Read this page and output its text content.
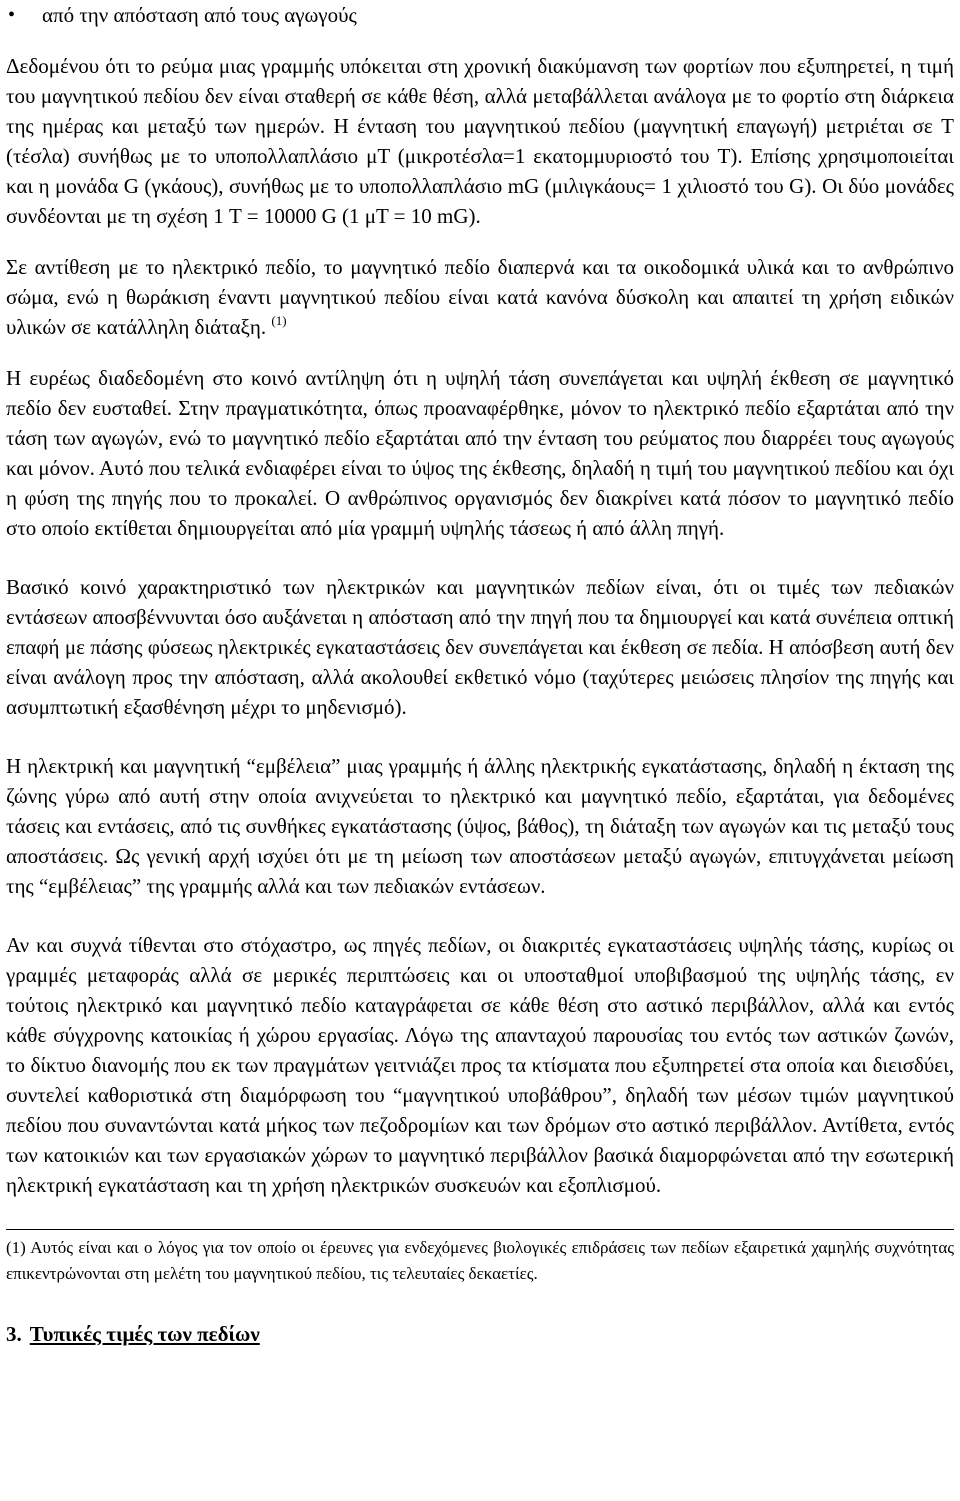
•	από την απόσταση από τους αγωγούς

Δεδομένου ότι το ρεύμα μιας γραμμής υπόκειται στη χρονική διακύμανση των φορτίων που εξυπηρετεί, η τιμή του μαγνητικού πεδίου δεν είναι σταθερή σε κάθε θέση, αλλά μεταβάλλεται ανάλογα με το φορτίο στη διάρκεια της ημέρας και μεταξύ των ημερών. Η ένταση του μαγνητικού πεδίου (μαγνητική επαγωγή) μετριέται σε T (τέσλα) συνήθως με το υποπολλαπλάσιο μT (μικροτέσλα=1 εκατομμυριοστό του T). Επίσης χρησιμοποιείται και η μονάδα G (γκάους), συνήθως με το υποπολλαπλάσιο mG (μιλιγκάους= 1 χιλιοστό του G). Οι δύο μονάδες συνδέονται με τη σχέση 1 T = 10000 G (1 μT = 10 mG).

Σε αντίθεση με το ηλεκτρικό πεδίο, το μαγνητικό πεδίο διαπερνά και τα οικοδομικά υλικά και το ανθρώπινο σώμα, ενώ η θωράκιση έναντι μαγνητικού πεδίου είναι κατά κανόνα δύσκολη και απαιτεί τη χρήση ειδικών υλικών σε κατάλληλη διάταξη. $^{(1)}$

Η ευρέως διαδεδομένη στο κοινό αντίληψη ότι η υψηλή τάση συνεπάγεται και υψηλή έκθεση σε μαγνητικό πεδίο δεν ευσταθεί. Στην πραγματικότητα, όπως προαναφέρθηκε, μόνον το ηλεκτρικό πεδίο εξαρτάται από την τάση των αγωγών, ενώ το μαγνητικό πεδίο εξαρτάται από την ένταση του ρεύματος που διαρρέει τους αγωγούς και μόνον. Αυτό που τελικά ενδιαφέρει είναι το ύψος της έκθεσης, δηλαδή η τιμή του μαγνητικού πεδίου και όχι η φύση της πηγής που το προκαλεί. Ο ανθρώπινος οργανισμός δεν διακρίνει κατά πόσον το μαγνητικό πεδίο στο οποίο εκτίθεται δημιουργείται από μία γραμμή υψηλής τάσεως ή από άλλη πηγή.

Βασικό κοινό χαρακτηριστικό των ηλεκτρικών και μαγνητικών πεδίων είναι, ότι οι τιμές των πεδιακών εντάσεων αποσβέννυνται όσο αυξάνεται η απόσταση από την πηγή που τα δημιουργεί και κατά συνέπεια οπτική επαφή με πάσης φύσεως ηλεκτρικές εγκαταστάσεις δεν συνεπάγεται και έκθεση σε πεδία. Η απόσβεση αυτή δεν είναι ανάλογη προς την απόσταση, αλλά ακολουθεί εκθετικό νόμο (ταχύτερες μειώσεις πλησίον της πηγής και ασυμπτωτική εξασθένηση μέχρι το μηδενισμό).

Η ηλεκτρική και μαγνητική “εμβέλεια” μιας γραμμής ή άλλης ηλεκτρικής εγκατάστασης, δηλαδή η έκταση της ζώνης γύρω από αυτή στην οποία ανιχνεύεται το ηλεκτρικό και μαγνητικό πεδίο, εξαρτάται, για δεδομένες τάσεις και εντάσεις, από τις συνθήκες εγκατάστασης (ύψος, βάθος), τη διάταξη των αγωγών και τις μεταξύ τους αποστάσεις. Ως γενική αρχή ισχύει ότι με τη μείωση των αποστάσεων μεταξύ αγωγών, επιτυγχάνεται μείωση της “εμβέλειας” της γραμμής αλλά και των πεδιακών εντάσεων.

Αν και συχνά τίθενται στο στόχαστρο, ως πηγές πεδίων, οι διακριτές εγκαταστάσεις υψηλής τάσης, κυρίως οι γραμμές μεταφοράς αλλά σε μερικές περιπτώσεις και οι υποσταθμοί υποβιβασμού της υψηλής τάσης, εν τούτοις ηλεκτρικό και μαγνητικό πεδίο καταγράφεται σε κάθε θέση στο αστικό περιβάλλον, αλλά και εντός κάθε σύγχρονης κατοικίας ή χώρου εργασίας. Λόγω της απανταχού παρουσίας του εντός των αστικών ζωνών, το δίκτυο διανομής που εκ των πραγμάτων γειτνιάζει προς τα κτίσματα που εξυπηρετεί στα οποία και διεισδύει, συντελεί καθοριστικά στη διαμόρφωση του “μαγνητικού υποβάθρου”, δηλαδή των μέσων τιμών μαγνητικού πεδίου που συναντώνται κατά μήκος των πεζοδρομίων και των δρόμων στο αστικό περιβάλλον. Αντίθετα, εντός των κατοικιών και των εργασιακών χώρων το μαγνητικό περιβάλλον βασικά διαμορφώνεται από την εσωτερική ηλεκτρική εγκατάσταση και τη χρήση ηλεκτρικών συσκευών και εξοπλισμού.

(1) Αυτός είναι και ο λόγος για τον οποίο οι έρευνες για ενδεχόμενες βιολογικές επιδράσεις των πεδίων εξαιρετικά χαμηλής συχνότητας επικεντρώνονται στη μελέτη του μαγνητικού πεδίου, τις τελευταίες δεκαετίες.

3. Τυπικές τιμές των πεδίων
